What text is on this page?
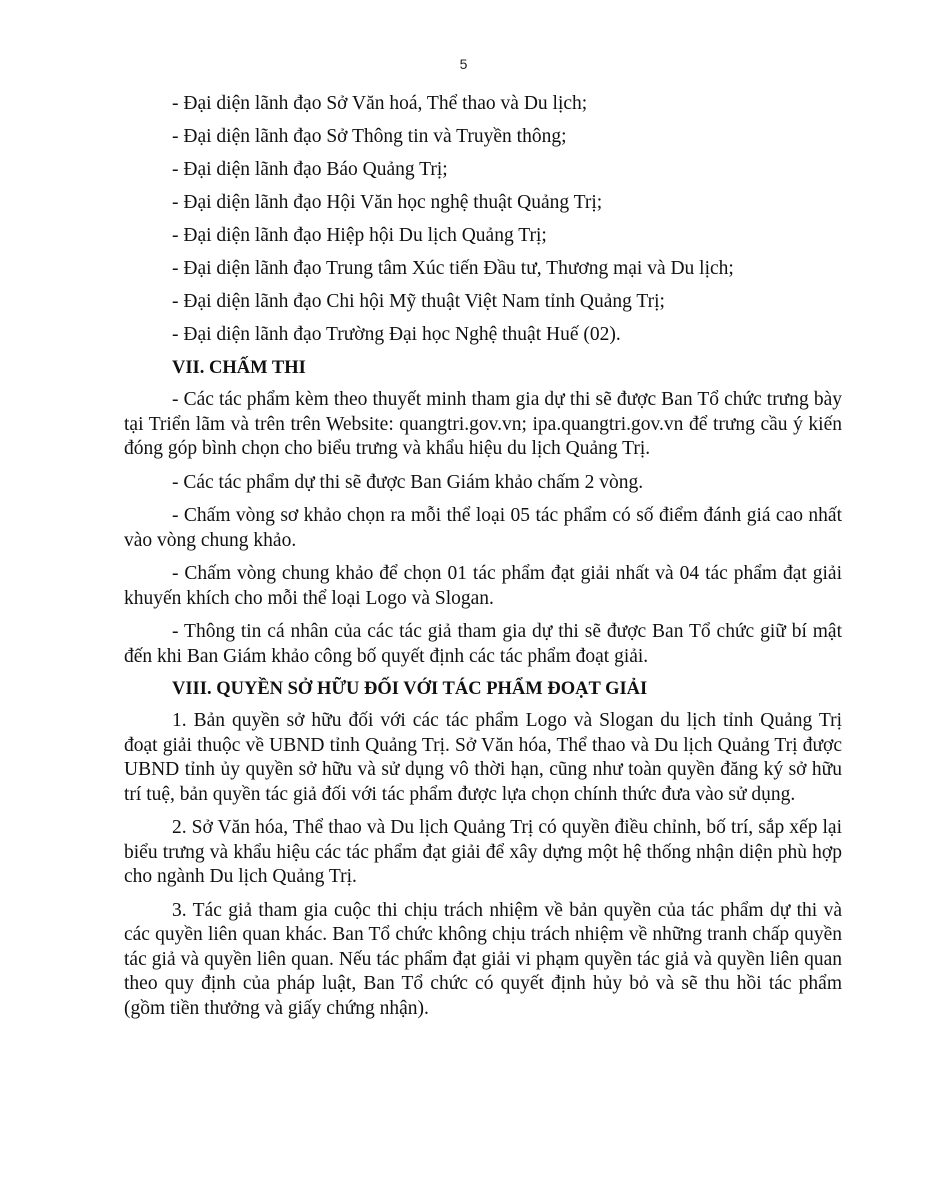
5

- Đại diện lãnh đạo Sở Văn hoá, Thể thao và Du lịch;

- Đại diện lãnh đạo Sở Thông tin và Truyền thông;

- Đại diện lãnh đạo Báo Quảng Trị;

- Đại diện lãnh đạo Hội Văn học nghệ thuật Quảng Trị;

- Đại diện lãnh đạo Hiệp hội Du lịch Quảng Trị;

- Đại diện lãnh đạo Trung tâm Xúc tiến Đầu tư, Thương mại và Du lịch;

- Đại diện lãnh đạo Chi hội Mỹ thuật Việt Nam tỉnh Quảng Trị;

- Đại diện lãnh đạo Trường Đại học Nghệ thuật Huế (02).

VII. CHẤM THI

- Các tác phẩm kèm theo thuyết minh tham gia dự thi sẽ được Ban Tổ chức trưng bày tại Triển lãm và trên trên Website: quangtri.gov.vn; ipa.quangtri.gov.vn để trưng cầu ý kiến đóng góp bình chọn cho biểu trưng và khẩu hiệu du lịch Quảng Trị.

- Các tác phẩm dự thi sẽ được Ban Giám khảo chấm 2 vòng.

- Chấm vòng sơ khảo chọn ra mỗi thể loại 05 tác phẩm có số điểm đánh giá cao nhất vào vòng chung khảo.

- Chấm vòng chung khảo để chọn 01 tác phẩm đạt giải nhất và 04 tác phẩm đạt giải khuyến khích cho mỗi thể loại Logo và Slogan.

- Thông tin cá nhân của các tác giả tham gia dự thi sẽ được Ban Tổ chức giữ bí mật đến khi Ban Giám khảo công bố quyết định các tác phẩm đoạt giải.

VIII. QUYỀN SỞ HỮU ĐỐI VỚI TÁC PHẨM ĐOẠT GIẢI

1. Bản quyền sở hữu đối với các tác phẩm Logo và Slogan du lịch tỉnh Quảng Trị đoạt giải thuộc về UBND tỉnh Quảng Trị. Sở Văn hóa, Thể thao và Du lịch Quảng Trị được UBND tỉnh ủy quyền sở hữu và sử dụng vô thời hạn, cũng như toàn quyền đăng ký sở hữu trí tuệ, bản quyền tác giả đối với tác phẩm được lựa chọn chính thức đưa vào sử dụng.

2. Sở Văn hóa, Thể thao và Du lịch Quảng Trị có quyền điều chỉnh, bố trí, sắp xếp lại biểu trưng và khẩu hiệu các tác phẩm đạt giải để xây dựng một hệ thống nhận diện phù hợp cho ngành Du lịch Quảng Trị.

3. Tác giả tham gia cuộc thi chịu trách nhiệm về bản quyền của tác phẩm dự thi và các quyền liên quan khác. Ban Tổ chức không chịu trách nhiệm về những tranh chấp quyền tác giả và quyền liên quan. Nếu tác phẩm đạt giải vi phạm quyền tác giả và quyền liên quan theo quy định của pháp luật, Ban Tổ chức có quyết định hủy bỏ và sẽ thu hồi tác phẩm (gồm tiền thưởng và giấy chứng nhận).
